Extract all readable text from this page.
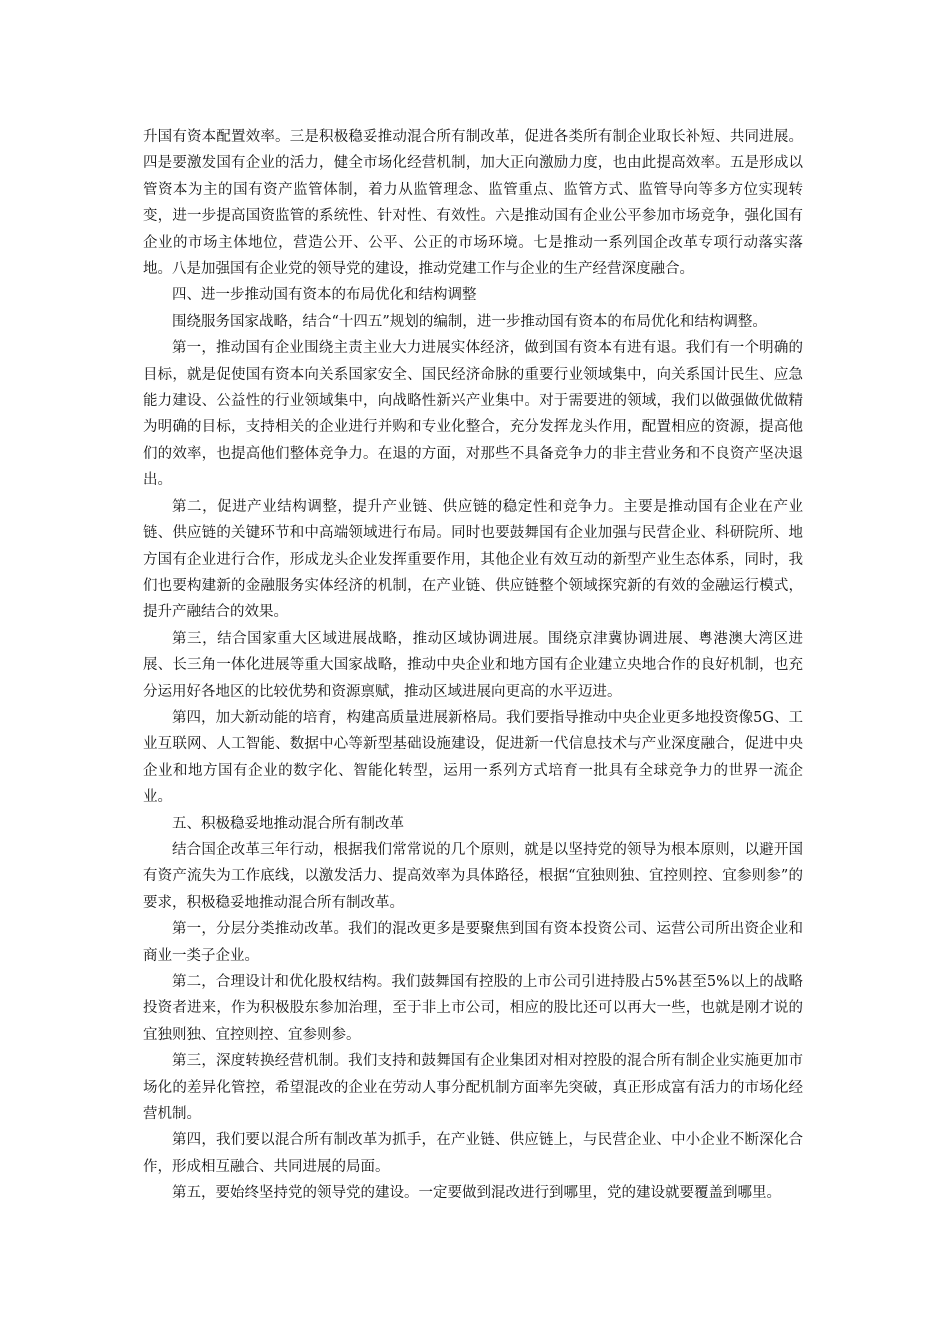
升国有资本配置效率。三是积极稳妥推动混合所有制改革，促进各类所有制企业取长补短、共同进展。四是要激发国有企业的活力，健全市场化经营机制，加大正向激励力度，也由此提高效率。五是形成以管资本为主的国有资产监管体制，着力从监管理念、监管重点、监管方式、监管导向等多方位实现转变，进一步提高国资监管的系统性、针对性、有效性。六是推动国有企业公平参加市场竞争，强化国有企业的市场主体地位，营造公开、公平、公正的市场环境。七是推动一系列国企改革专项行动落实落地。八是加强国有企业党的领导党的建设，推动党建工作与企业的生产经营深度融合。

四、进一步推动国有资本的布局优化和结构调整

围绕服务国家战略，结合“十四五”规划的编制，进一步推动国有资本的布局优化和结构调整。

第一，推动国有企业围绕主责主业大力进展实体经济，做到国有资本有进有退。我们有一个明确的目标，就是促使国有资本向关系国家安全、国民经济命脉的重要行业领域集中，向关系国计民生、应急能力建设、公益性的行业领域集中，向战略性新兴产业集中。对于需要进的领域，我们以做强做优做精为明确的目标，支持相关的企业进行并购和专业化整合，充分发挥龙头作用，配置相应的资源，提高他们的效率，也提高他们整体竞争力。在退的方面，对那些不具备竞争力的非主营业务和不良资产坚决退出。

第二，促进产业结构调整，提升产业链、供应链的稳定性和竞争力。主要是推动国有企业在产业链、供应链的关键环节和中高端领域进行布局。同时也要鼓舞国有企业加强与民营企业、科研院所、地方国有企业进行合作，形成龙头企业发挥重要作用，其他企业有效互动的新型产业生态体系，同时，我们也要构建新的金融服务实体经济的机制，在产业链、供应链整个领域探究新的有效的金融运行模式，提升产融结合的效果。

第三，结合国家重大区域进展战略，推动区域协调进展。围绕京津冀协调进展、粤港澳大湾区进展、长三角一体化进展等重大国家战略，推动中央企业和地方国有企业建立央地合作的良好机制，也充分运用好各地区的比较优势和资源禀赋，推动区域进展向更高的水平迈进。

第四，加大新动能的培育，构建高质量进展新格局。我们要指导推动中央企业更多地投资像5G、工业互联网、人工智能、数据中心等新型基础设施建设，促进新一代信息技术与产业深度融合，促进中央企业和地方国有企业的数字化、智能化转型，运用一系列方式培育一批具有全球竞争力的世界一流企业。

五、积极稳妥地推动混合所有制改革

结合国企改革三年行动，根据我们常常说的几个原则，就是以坚持党的领导为根本原则，以避开国有资产流失为工作底线，以激发活力、提高效率为具体路径，根据“宜独则独、宜控则控、宜参则参”的要求，积极稳妥地推动混合所有制改革。

第一，分层分类推动改革。我们的混改更多是要聚焦到国有资本投资公司、运营公司所出资企业和商业一类子企业。

第二，合理设计和优化股权结构。我们鼓舞国有控股的上市公司引进持股占5%甚至5%以上的战略投资者进来，作为积极股东参加治理，至于非上市公司，相应的股比还可以再大一些，也就是刚才说的宜独则独、宜控则控、宜参则参。

第三，深度转换经营机制。我们支持和鼓舞国有企业集团对相对控股的混合所有制企业实施更加市场化的差异化管控，希望混改的企业在劳动人事分配机制方面率先突破，真正形成富有活力的市场化经营机制。

第四，我们要以混合所有制改革为抓手，在产业链、供应链上，与民营企业、中小企业不断深化合作，形成相互融合、共同进展的局面。

第五，要始终坚持党的领导党的建设。一定要做到混改进行到哪里，党的建设就要覆盖到哪里。
